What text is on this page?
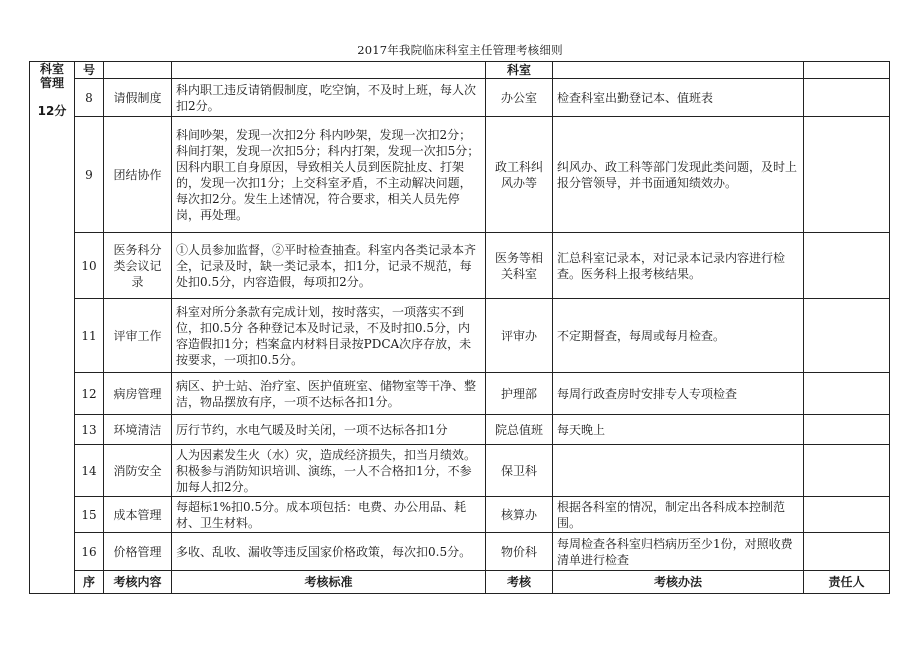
2017年我院临床科室主任管理考核细则
科室
管理
12分	号			科室		
	8	请假制度	科内职工违反请销假制度，吃空饷，不及时上班，每人次扣2分。	办公室	检查科室出勤登记本、值班表	
	9	团结协作	科间吵架，发现一次扣2分 科内吵架，发现一次扣2分；科间打架，发现一次扣5分；科内打架，发现一次扣5分；因科内职工自身原因，导致相关人员到医院扯皮、打架的，发现一次扣1分；上交科室矛盾，不主动解决问题，每次扣2分。发生上述情况，符合要求，相关人员先停岗，再处理。	政工科纠风办等	纠风办、政工科等部门发现此类问题，及时上报分管领导，并书面通知绩效办。	
	10	医务科分类会议记录	①人员参加监督，②平时检查抽查。科室内各类记录本齐全，记录及时，缺一类记录本，扣1分，记录不规范，每处扣0.5分，内容造假，每项扣2分。	医务等相关科室	汇总科室记录本，对记录本记录内容进行检查。医务科上报考核结果。	
	11	评审工作	科室对所分条款有完成计划，按时落实，一项落实不到位，扣0.5分 各种登记本及时记录，不及时扣0.5分，内容造假扣1分；档案盒内材料目录按PDCA次序存放，未按要求，一项扣0.5分。	评审办	不定期督查，每周或每月检查。	
	12	病房管理	病区、护士站、治疗室、医护值班室、储物室等干净、整洁，物品摆放有序，一项不达标各扣1分。	护理部	每周行政查房时安排专人专项检查	
	13	环境清洁	厉行节约，水电气暖及时关闭，一项不达标各扣1分	院总值班	每天晚上	
	14	消防安全	人为因素发生火（水）灾，造成经济损失，扣当月绩效。积极参与消防知识培训、演练，一人不合格扣1分，不参加每人扣2分。	保卫科		
	15	成本管理	每超标1%扣0.5分。成本项包括：电费、办公用品、耗材、卫生材料。	核算办	根据各科室的情况，制定出各科成本控制范围。	
	16	价格管理	多收、乱收、漏收等违反国家价格政策，每次扣0.5分。	物价科	每周检查各科室归档病历至少1份，对照收费清单进行检查	
	序	考核内容	考核标准	考核	考核办法	责任人
